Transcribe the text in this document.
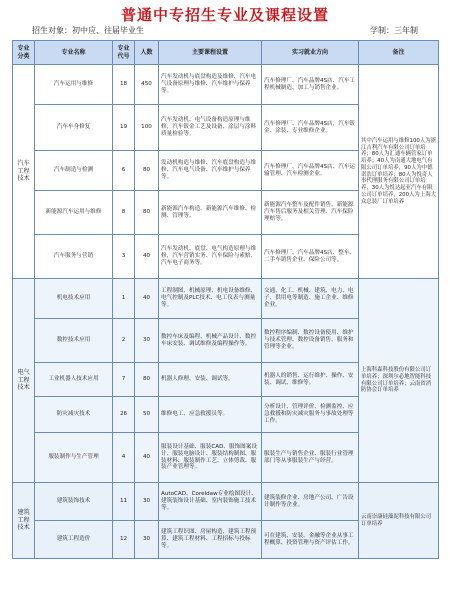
普通中专招生专业及课程设置
招生对象：初中应、往届毕业生	学制：三年制
专业分类	专业名称	专业代号	人数	主要课程设置	实习就业方向	备注
汽车工程技术	汽车运用与维修	18	450	汽车发动机与底盘构造及维修、汽车电气设备原理与维修、汽车维护与保养等。	汽车修理厂、汽车品牌4S店、汽车工程机械制造、加工与销售企业。	其中汽车运用与维修100人为浙江吉利汽车有限公司订单培养；80人为汇通车辆管家订单培养；40人为南通大地电气有限公司订单培养，90人为中德诺浩订单培养；80人为悦奇人事代理服务有限公司订单培养，30人为悦达起亚汽车有限公司订单培养，200人为上海大众总装厂订单培养
	汽车车身修复	19	100	汽车发动机、电气设备构造原理与维修，汽车钣金工艺及设备、涂层与涂料质量检验等。	汽车修理厂、汽车品牌4S店，汽车钣金、涂装、专业维修企业。	
	汽车制造与检测	6	80	发动机构造与维修、汽车底盘构造与维修、汽车电气设备、汽车维护与保养等。	汽车修理厂、汽车品牌4S店、汽车运输管理、汽车检测企业。	
	新能源汽车运用与维修	8	80	新能源汽车构造、新能源汽车维修、检测、管理等。	新能源汽车整车及配件销售、新能源汽车售后服务及相关管理、汽车保险理赔等。	
	汽车服务与营销	3	40	汽车发动机、底盘、电气构造原理与维修，汽车营销实务、汽车保险与索赔、汽车电子商务等。	汽车修理厂、汽车品牌4S店、整车、二手车销售企业、保险公司等。	
电气工程技术	机电技术应用	1	40	工程制图、机械原理、机电设备维修、电气控制及PLC技术、电工仪表与测量等。	交通、化工、机械、建筑、电力、电子、供用电等制造、施工企业、维修企业。	上海科森科技股份有限公司订单培养；深圳尔必地智能科技有限公司订单培养；云南省消防协会订单培养
	数控技术应用	2	30	数控车床及编程、机械产品设计、数控车床安装、调试维修及编程操作等。	数控程序编制、数控设备使用、维护与技术管理、数控设备销售、服务和管理等企业。	
	工业机器人技术应用	7	80	机器人修理、安装、调试等。	机器人的销售、运行维护、操作、安装、调试、维修等。	
	防灾减灾技术	26	50	维修电工、应急救援员等。	分析设计、管理评价、检测监控、应急救援和防灾减灾服务与事故处理等工作。	
	服装制作与生产管理	4	40	服装设计基础、服装CAD、服饰图案设计、服装电脑设计、服装结构制图、服装材料、服装制作工艺、立体剪裁、服装产业管理等。	服装生产与销售企业、服装行业管理部门等从事服装生产与经营。	
建筑工程技术	建筑装饰技术	11	30	AutoCAD、Coreldaw专业绘图设计、建筑装饰设计基础、室内装饰施工技术等。	建筑装修企业、房地产公司、广告设计制作等企业。	云南崇康硅藻泥科技有限公司订单培养
	建筑工程造价	12	30	建筑工程识图、房屋构造、建筑工程预算、建筑工程材料、工程招标与投标等。	可在建筑、安装、金融等企业从事工程概算、投资管理与资产评估工作。	
